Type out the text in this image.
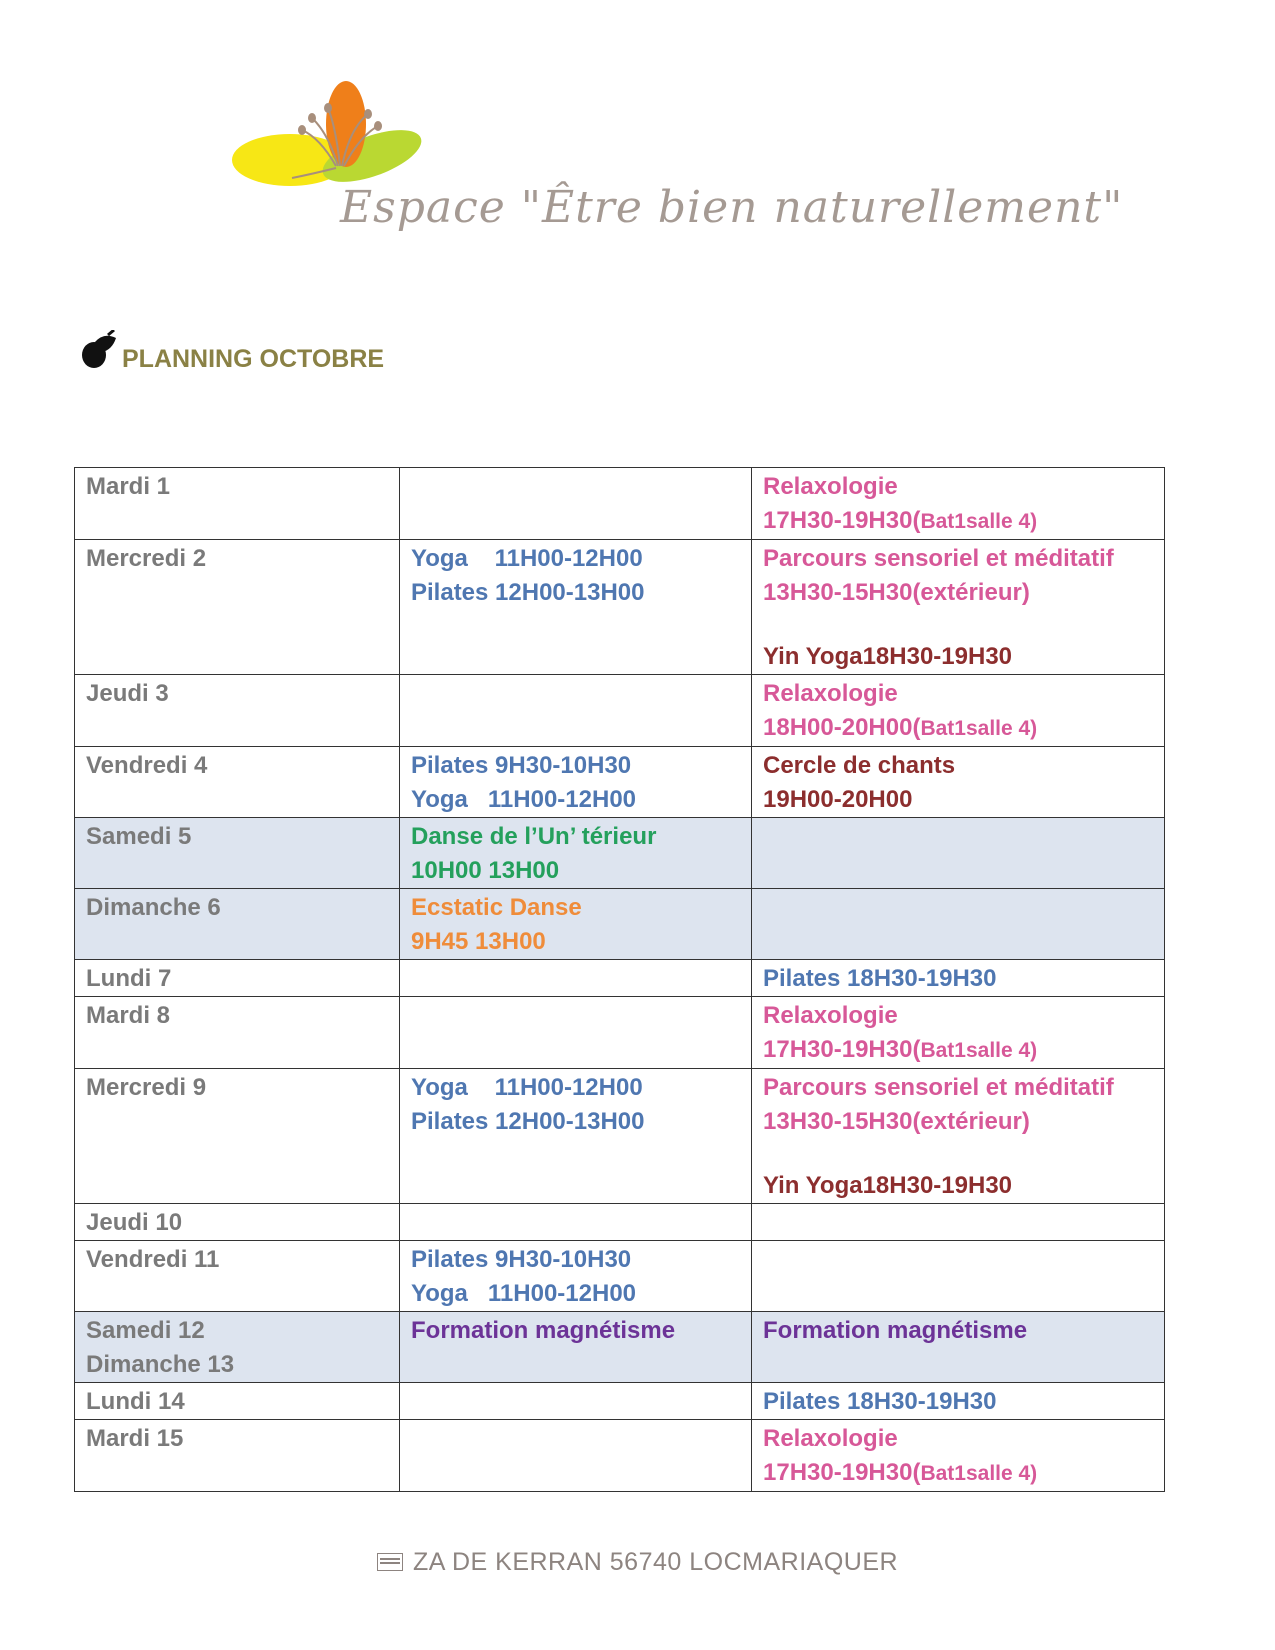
Espace "Être bien naturellement"
PLANNING OCTOBRE
Mardi 1		Relaxologie
17H30-19H30(Bat1salle 4)

Mercredi 2	Yoga    11H00-12H00
Pilates 12H00-13H00	Parcours sensoriel et méditatif
13H30-15H30(extérieur)
Yin Yoga18H30-19H30

Jeudi 3		Relaxologie
18H00-20H00(Bat1salle 4)

Vendredi 4	Pilates 9H30-10H30
Yoga   11H00-12H00	Cercle de chants
19H00-20H00

Samedi 5	Danse de l’Un’ térieur
10H00 13H00	

Dimanche 6	Ecstatic Danse
9H45 13H00	

Lundi 7		Pilates 18H30-19H30

Mardi 8		Relaxologie
17H30-19H30(Bat1salle 4)

Mercredi 9	Yoga    11H00-12H00
Pilates 12H00-13H00	Parcours sensoriel et méditatif
13H30-15H30(extérieur)
Yin Yoga18H30-19H30

Jeudi 10		

Vendredi 11	Pilates 9H30-10H30
Yoga   11H00-12H00	

Samedi 12
Dimanche 13	Formation magnétisme	Formation magnétisme

Lundi 14		Pilates 18H30-19H30

Mardi 15		Relaxologie
17H30-19H30(Bat1salle 4)
ZA DE KERRAN 56740 LOCMARIAQUER
